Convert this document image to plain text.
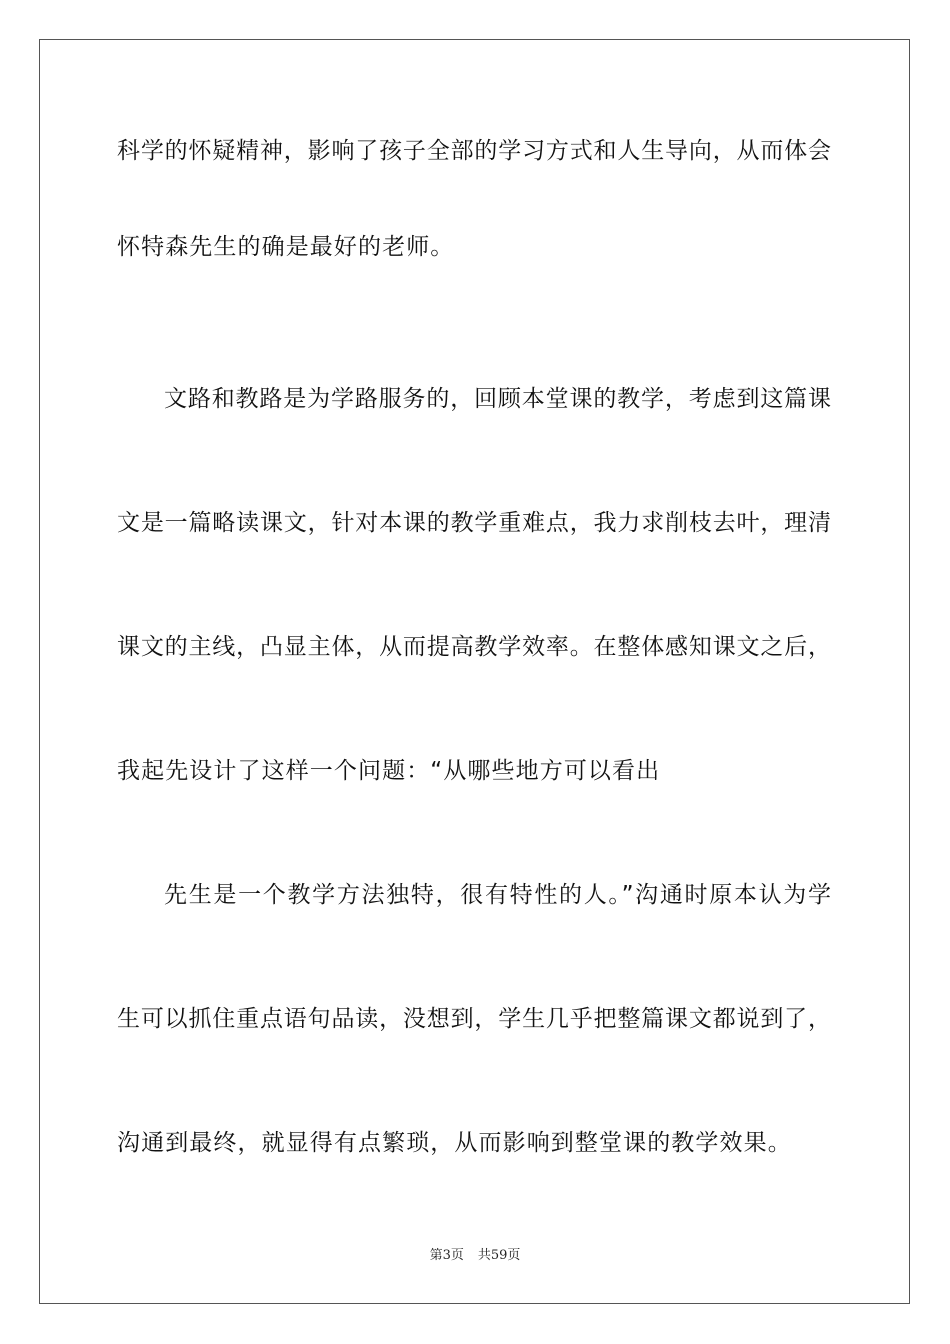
科学的怀疑精神，影响了孩子全部的学习方式和人生导向，从而体会
怀特森先生的确是最好的老师。
文路和教路是为学路服务的，回顾本堂课的教学，考虑到这篇课
文是一篇略读课文，针对本课的教学重难点，我力求削枝去叶，理清
课文的主线，凸显主体，从而提高教学效率。在整体感知课文之后，
我起先设计了这样一个问题：“从哪些地方可以看出
先生是一个教学方法独特，很有特性的人。”沟通时原本认为学
生可以抓住重点语句品读，没想到，学生几乎把整篇课文都说到了，
沟通到最终，就显得有点繁琐，从而影响到整堂课的教学效果。
第3页 共59页
